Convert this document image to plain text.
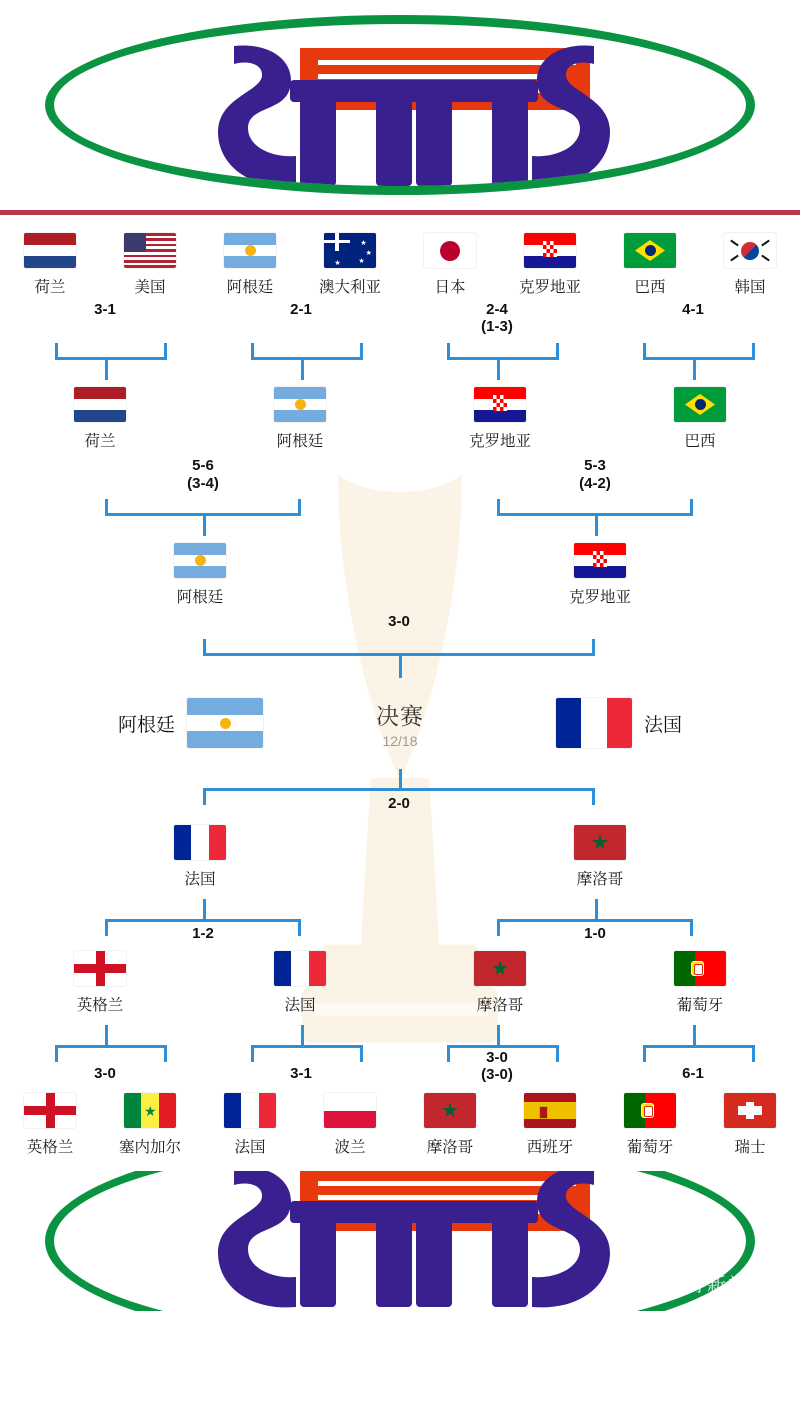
荷兰	美国	阿根廷
★
★
★
★
澳大利亚	日本	克罗地亚	巴西	韩国
3-1	2-1	2-4
(1-3)
4-1
荷兰	阿根廷	克罗地亚	巴西
5-6
(3-4)
5-3
(4-2)
阿根廷	克罗地亚
3-0
阿根廷	决赛
12/18
法国
2-0
法国	摩洛哥
1-2	1-0
英格兰	法国	摩洛哥	葡萄牙
3-0	3-1
3-0
(3-0)	6-1
英格兰
★
塞内加尔	法国	波兰	摩洛哥	西班牙	葡萄牙	瑞士
@体育新视达
